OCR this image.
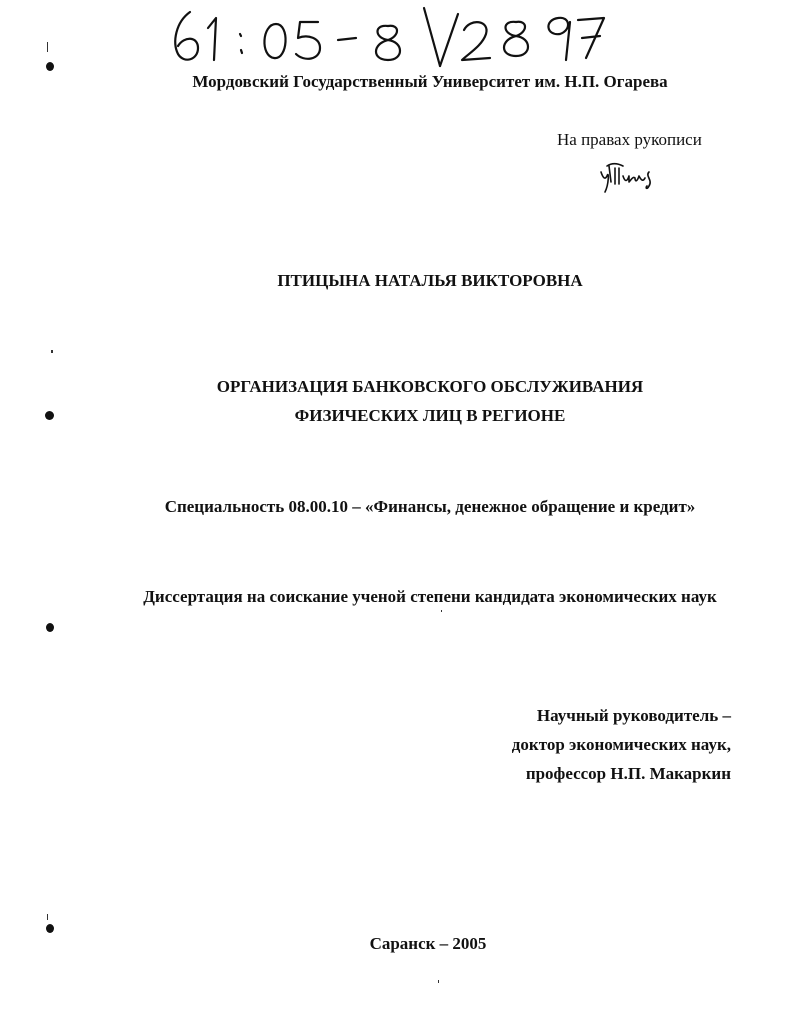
Мордовский Государственный Университет им. Н.П. Огарева
На правах рукописи
ПТИЦЫНА НАТАЛЬЯ ВИКТОРОВНА
ОРГАНИЗАЦИЯ БАНКОВСКОГО ОБСЛУЖИВАНИЯ
ФИЗИЧЕСКИХ ЛИЦ В РЕГИОНЕ
Специальность 08.00.10 – «Финансы, денежное обращение и кредит»
Диссертация на соискание ученой степени кандидата экономических наук
Научный руководитель –
доктор экономических наук,
профессор Н.П. Макаркин
Саранск – 2005
